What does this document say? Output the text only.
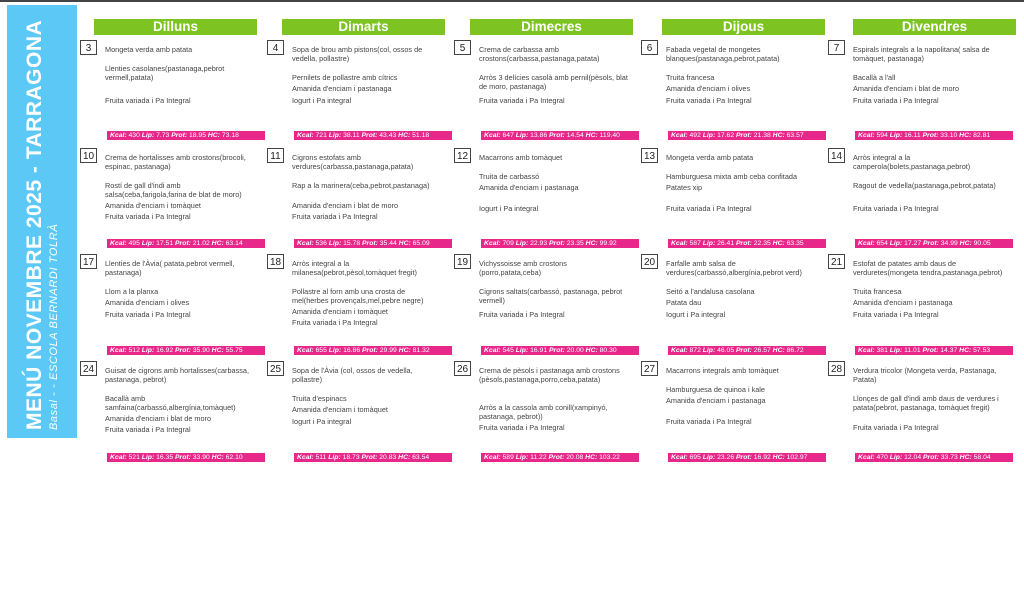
MENÚ NOVEMBRE 2025 - TARRAGONA Basal - - ESCOLA BERNARDI TOLRÀ
Dilluns	Dimarts	Dimecres	Dijous	Divendres
3	Mongeta verda amb patata
Llenties casolanes(pastanaga,pebrot vermell,patata)
Fruita variada i Pa Integral
Kcal: 430 Lip: 7.73 Prot: 18.95 HC: 73.18
4	Sopa de brou amb pistons(col, ossos de vedella, pollastre)
Pernilets de pollastre amb cítrics
Amanida d'enciam i pastanaga
Iogurt i Pa integral
Kcal: 721 Lip: 38.11 Prot: 43.43 HC: 51.18
5	Crema de carbassa amb crostons(carbassa,pastanaga,patata)
Arròs 3 delícies casolà amb pernil(pèsols, blat de moro, pastanaga)
Fruita variada i Pa Integral
Kcal: 647 Lip: 13.86 Prot: 14.54 HC: 119.40
6	Fabada vegetal de mongetes blanques(pastanaga,pebrot,patata)
Truita francesa
Amanida d'enciam i olives
Fruita variada i Pa Integral
Kcal: 492 Lip: 17.62 Prot: 21.38 HC: 63.57
7	Espirals integrals a la napolitana( salsa de tomàquet, pastanaga)
Bacallà a l'all
Amanida d'enciam i blat de moro
Fruita variada i Pa Integral
Kcal: 594 Lip: 16.11 Prot: 33.10 HC: 82.81
10	Crema de hortalisses amb crostons(brocoli, espinac, pastanaga)
Rostí de gall d'indi amb salsa(ceba,farigola,farina de blat de moro)
Amanida d'enciam i tomàquet
Fruita variada i Pa Integral
Kcal: 495 Lip: 17.51 Prot: 21.02 HC: 63.14
11	Cigrons estofats amb verdures(carbassa,pastanaga,patata)
Rap a la marinera(ceba,pebrot,pastanaga)
Amanida d'enciam i blat de moro
Fruita variada i Pa Integral
Kcal: 536 Lip: 15.78 Prot: 35.44 HC: 65.09
12	Macarrons amb tomàquet
Truita de carbassó
Amanida d'enciam i pastanaga
Iogurt i Pa integral
Kcal: 709 Lip: 22.93 Prot: 23.35 HC: 99.92
13	Mongeta verda amb patata
Hamburguesa mixta amb ceba confitada
Patates xip
Fruita variada i Pa Integral
Kcal: 587 Lip: 26.41 Prot: 22.35 HC: 63.35
14	Arròs integral a la camperola(bolets,pastanaga,pebrot)
Ragout de vedella(pastanaga,pebrot,patata)
Fruita variada i Pa Integral
Kcal: 654 Lip: 17.27 Prot: 34.99 HC: 90.05
17	Llenties de l'Àvia( patata,pebrot vermell, pastanaga)
Llom a la planxa
Amanida d'enciam i olives
Fruita variada i Pa Integral
Kcal: 512 Lip: 16.92 Prot: 35.90 HC: 55.75
18	Arròs integral a la milanesa(pebrot,pèsol,tomàquet fregit)
Pollastre al forn amb una crosta de mel(herbes provençals,mel,pebre negre)
Amanida d'enciam i tomàquet
Fruita variada i Pa Integral
Kcal: 655 Lip: 16.86 Prot: 29.99 HC: 81.32
19	Vichyssoisse amb crostons (porro,patata,ceba)
Cigrons saltats(carbassó, pastanaga, pebrot vermell)
Fruita variada i Pa Integral
Kcal: 545 Lip: 16.91 Prot: 20.00 HC: 80.30
20	Farfalle amb salsa de verdures(carbassó,albergínia,pebrot verd)
Seitó a l'andalusa casolana
Patata dau
Iogurt i Pa integral
Kcal: 872 Lip: 46.05 Prot: 26.57 HC: 86.72
21	Estofat de patates amb daus de verduretes(mongeta tendra,pastanaga,pebrot)
Truita francesa
Amanida d'enciam i pastanaga
Fruita variada i Pa Integral
Kcal: 381 Lip: 11.01 Prot: 14.37 HC: 57.53
24	Guisat de cigrons amb hortalisses(carbassa, pastanaga, pebrot)
Bacallà amb samfaina(carbassó,albergínia,tomàquet)
Amanida d'enciam i blat de moro
Fruita variada i Pa Integral
Kcal: 521 Lip: 16.35 Prot: 33.90 HC: 62.10
25	Sopa de l'Àvia (col, ossos de vedella, pollastre)
Truita d'espinacs
Amanida d'enciam i tomàquet
Iogurt i Pa integral
Kcal: 511 Lip: 18.73 Prot: 20.83 HC: 63.54
26	Crema de pèsols i pastanaga amb crostons (pèsols,pastanaga,porro,ceba,patata)
Arròs a la cassola amb conill(xampinyó, pastanaga, pebrot))
Fruita variada i Pa Integral
Kcal: 589 Lip: 11.22 Prot: 20.08 HC: 103.22
27	Macarrons integrals amb tomàquet
Hamburguesa de quinoa i kale
Amanida d'enciam i pastanaga
Fruita variada i Pa Integral
Kcal: 695 Lip: 23.26 Prot: 16.92 HC: 102.97
28	Verdura tricolor (Mongeta verda, Pastanaga, Patata)
Llonçes de gall d'indi amb daus de verdures i patata(pebrot, pastanaga, tomàquet fregit)
Fruita variada i Pa Integral
Kcal: 470 Lip: 12.04 Prot: 33.73 HC: 58.04
